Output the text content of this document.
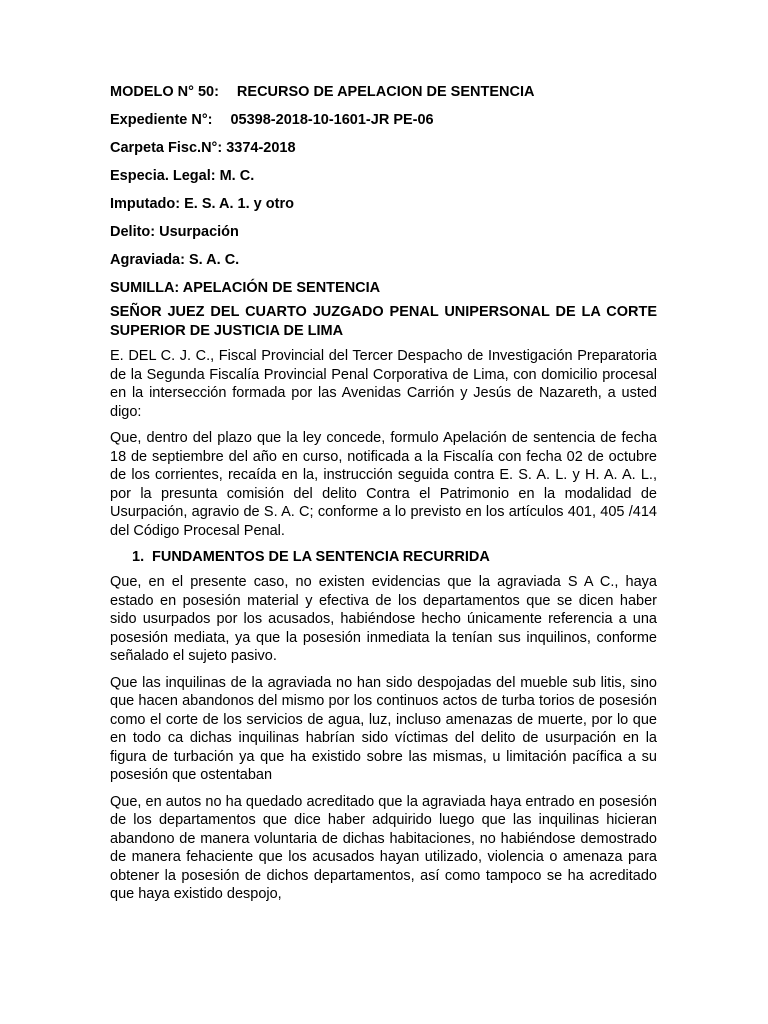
MODELO N° 50: RECURSO DE APELACION DE SENTENCIA
Expediente N°: 05398-2018-10-1601-JR PE-06
Carpeta Fisc.N°: 3374-2018
Especia. Legal: M. C.
Imputado: E. S. A. 1. y otro
Delito: Usurpación
Agraviada: S. A. C.
SUMILLA: APELACIÓN DE SENTENCIA
SEÑOR JUEZ DEL CUARTO JUZGADO PENAL UNIPERSONAL DE LA CORTE SUPERIOR DE JUSTICIA DE LIMA

E. DEL C. J. C., Fiscal Provincial del Tercer Despacho de Investigación Preparatoria de la Segunda Fiscalía Provincial Penal Corporativa de Lima, con domicilio procesal en la intersección formada por las Avenidas Carrión y Jesús de Nazareth, a usted digo:

Que, dentro del plazo que la ley concede, formulo Apelación de sentencia de fecha 18 de septiembre del año en curso, notificada a la Fiscalía con fecha 02 de octubre de los corrientes, recaída en la, instrucción seguida contra E. S. A. L. y H. A. A. L., por la presunta comisión del delito Contra el Patrimonio en la modalidad de Usurpación, agravio de S. A. C; conforme a lo previsto en los artículos 401, 405 /414 del Código Procesal Penal.

1. FUNDAMENTOS DE LA SENTENCIA RECURRIDA

Que, en el presente caso, no existen evidencias que la agraviada S A C., haya estado en posesión material y efectiva de los departamentos que se dicen haber sido usurpados por los acusados, habiéndose hecho únicamente referencia a una posesión mediata, ya que la posesión inmediata la tenían sus inquilinos, conforme señalado el sujeto pasivo.

Que las inquilinas de la agraviada no han sido despojadas del mueble sub litis, sino que hacen abandonos del mismo por los continuos actos de turba torios de posesión como el corte de los servicios de agua, luz, incluso amenazas de muerte, por lo que en todo ca dichas inquilinas habrían sido víctimas del delito de usurpación en la figura de turbación ya que ha existido sobre las mismas, u limitación pacífica a su posesión que ostentaban

Que, en autos no ha quedado acreditado que la agraviada haya entrado en posesión de los departamentos que dice haber adquirido luego que las inquilinas hicieran abandono de manera voluntaria de dichas habitaciones, no habiéndose demostrado de manera fehaciente que los acusados hayan utilizado, violencia o amenaza para obtener la posesión de dichos departamentos, así como tampoco se ha acreditado que haya existido despojo,
